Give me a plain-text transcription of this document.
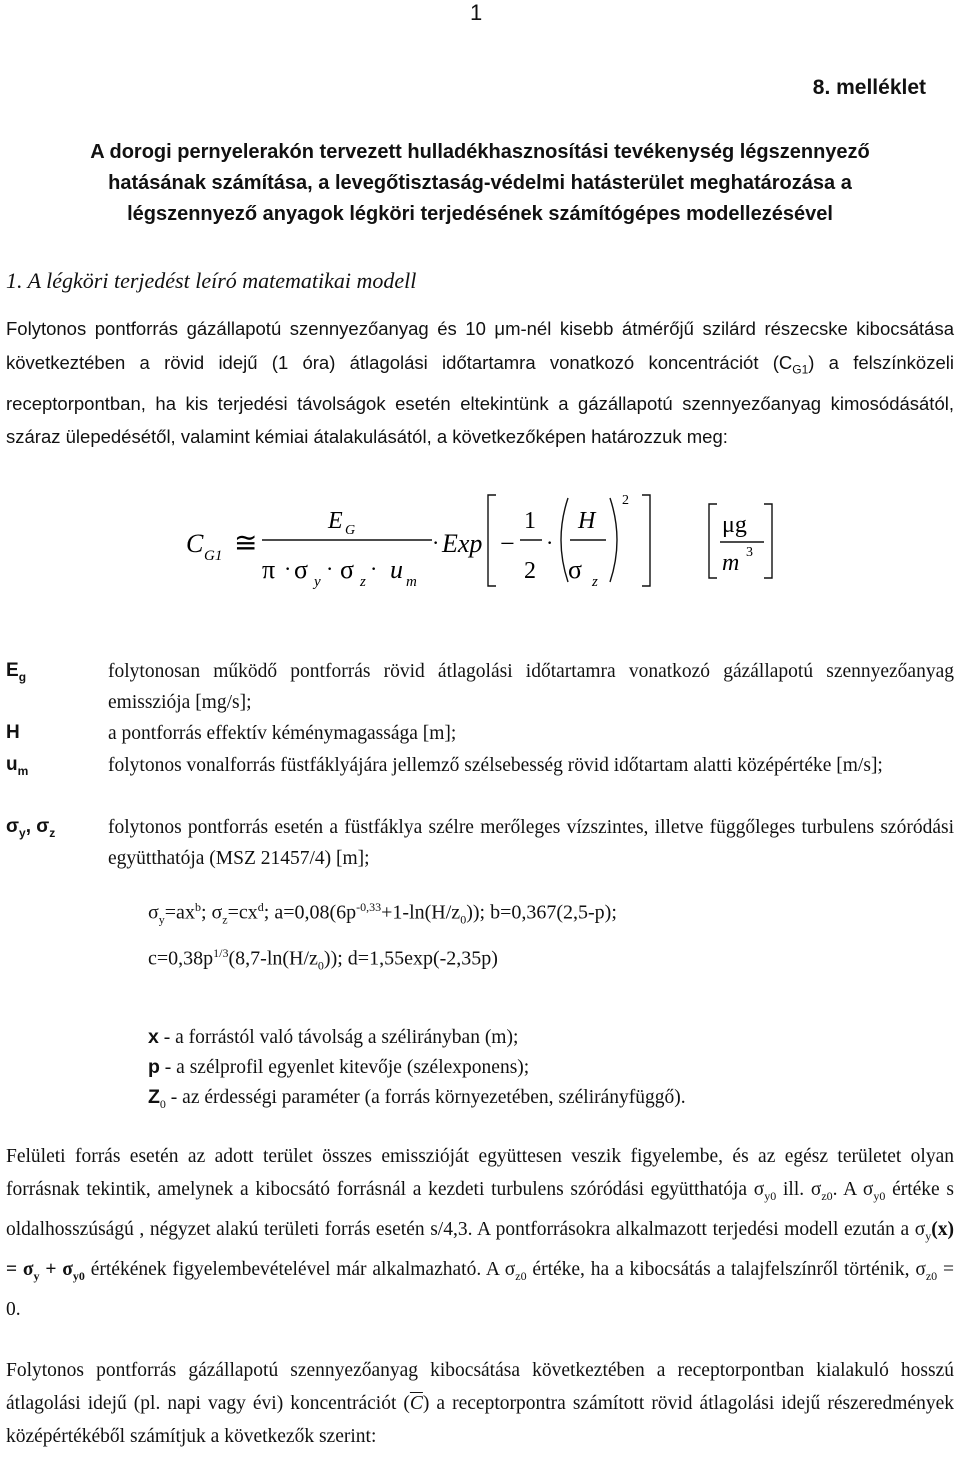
1
8. melléklet
A dorogi pernyelerakón tervezett hulladékhasznosítási tevékenység légszennyező
hatásának számítása, a levegőtisztaság-védelmi hatásterület meghatározása a
légszennyező anyagok légköri terjedésének számítógépes modellezésével
1. A légköri terjedést leíró matematikai modell
Folytonos pontforrás gázállapotú szennyezőanyag és 10 μm-nél kisebb átmérőjű szilárd részecske kibocsátása következtében a rövid idejű (1 óra) átlagolási időtartamra vonatkozó koncentrációt $(C_{G1})$ a felszínközeli receptorpontban, ha kis terjedési távolságok esetén eltekintünk a gázállapotú szennyezőanyag kimosódásától, száraz ülepedésétől, valamint kémiai átalakulásától, a következőképen határozzuk meg:
C G1 ≅
E G
π · σ y
· σ z
· u m
· Exp −
1
2
·
H
σ z
2
μg
m 3
$E_g$	folytonosan működő pontforrás rövid átlagolási időtartamra vonatkozó gázállapotú szennyezőanyag emissziója [mg/s];
H	a pontforrás effektív kéménymagassága [m];
$u_m$	folytonos vonalforrás füstfáklyájára jellemző szélsebesség rövid időtartam alatti középértéke [m/s];
$\sigma_y$, $\sigma_z$	folytonos pontforrás esetén a füstfáklya szélre merőleges vízszintes, illetve függőleges turbulens szóródási együtthatója (MSZ 21457/4) [m];
$\sigma_y=ax^b$; $\sigma_z=cx^d$; $a=0,08(6p^{-0,33}+1-\ln(H/z_0))$; b=0,367(2,5-p);
$c=0,38p^{1/3}(8,7-\ln(H/z_0))$; d=1,55exp(-2,35p)
x - a forrástól való távolság a szélirányban (m);
p - a szélprofil egyenlet kitevője (szélexponens);
$Z_0$ - az érdességi paraméter (a forrás környezetében, szélirányfüggő).
Felületi forrás esetén az adott terület összes emisszióját együttesen veszik figyelembe, és az egész területet olyan forrásnak tekintik, amelynek a kibocsátó forrásnál a kezdeti turbulens szóródási együtthatója $\sigma_{y0}$ ill. $\sigma_{z0}$. A $\sigma_{y0}$ értéke s oldalhosszúságú , négyzet alakú területi forrás esetén s/4,3. A pontforrásokra alkalmazott terjedési modell ezután a $\sigma_y(x) = \sigma_y + \sigma_{y0}$ értékének figyelembevételével már alkalmazható. A $\sigma_{z0}$ értéke, ha a kibocsátás a talajfelszínről történik, $\sigma_{z0} = 0$.
Folytonos pontforrás gázállapotú szennyezőanyag kibocsátása következtében a receptorpontban kialakuló hosszú átlagolási idejű (pl. napi vagy évi) koncentrációt $(\overline{C})$ a receptorpontra számított rövid átlagolási idejű részeredmények középértékéből számítjuk a következők szerint:
